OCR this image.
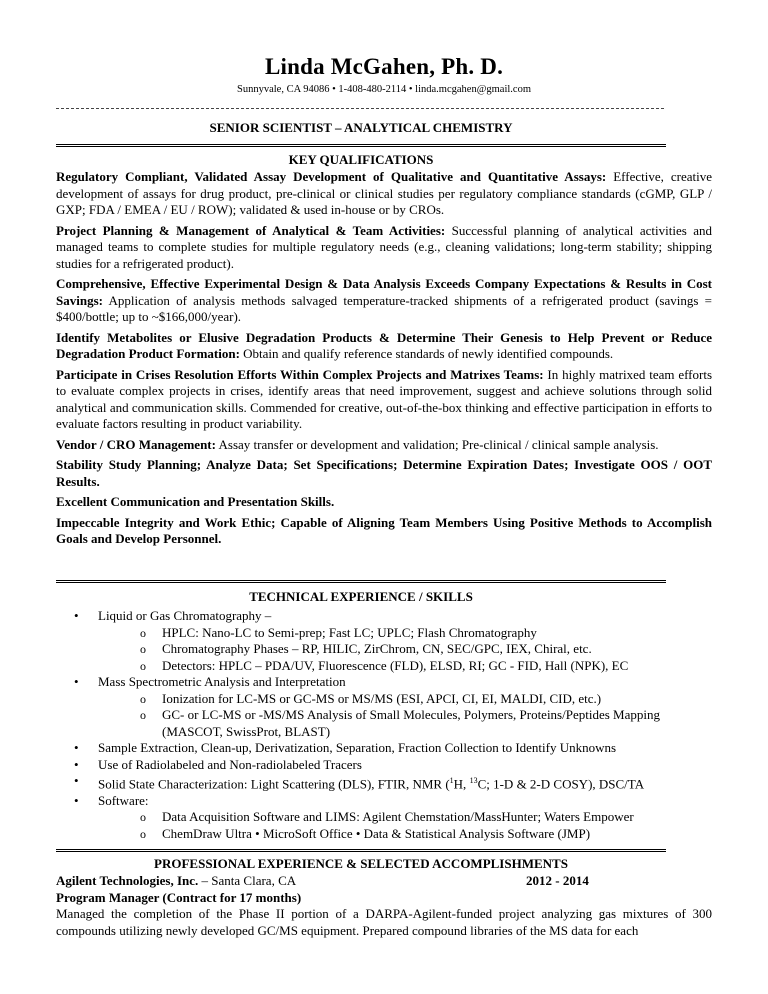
Linda McGahen, Ph. D.
Sunnyvale, CA 94086 • 1-408-480-2114 • linda.mcgahen@gmail.com
SENIOR SCIENTIST – ANALYTICAL CHEMISTRY
KEY QUALIFICATIONS

Regulatory Compliant, Validated Assay Development of Qualitative and Quantitative Assays: Effective, creative development of assays for drug product, pre-clinical or clinical studies per regulatory compliance standards (cGMP, GLP / GXP; FDA / EMEA / EU / ROW); validated & used in-house or by CROs.

Project Planning & Management of Analytical & Team Activities: Successful planning of analytical activities and managed teams to complete studies for multiple regulatory needs (e.g., cleaning validations; long-term stability; shipping studies for a refrigerated product).

Comprehensive, Effective Experimental Design & Data Analysis Exceeds Company Expectations & Results in Cost Savings: Application of analysis methods salvaged temperature-tracked shipments of a refrigerated product (savings = $400/bottle; up to ~$166,000/year).

Identify Metabolites or Elusive Degradation Products & Determine Their Genesis to Help Prevent or Reduce Degradation Product Formation: Obtain and qualify reference standards of newly identified compounds.

Participate in Crises Resolution Efforts Within Complex Projects and Matrixes Teams: In highly matrixed team efforts to evaluate complex projects in crises, identify areas that need improvement, suggest and achieve solutions through solid analytical and communication skills. Commended for creative, out-of-the-box thinking and effective participation in efforts to evaluate factors resulting in product variability.

Vendor / CRO Management: Assay transfer or development and validation; Pre-clinical / clinical sample analysis.

Stability Study Planning; Analyze Data; Set Specifications; Determine Expiration Dates; Investigate OOS / OOT Results.

Excellent Communication and Presentation Skills.

Impeccable Integrity and Work Ethic; Capable of Aligning Team Members Using Positive Methods to Accomplish Goals and Develop Personnel.

TECHNICAL EXPERIENCE / SKILLS
• Liquid or Gas Chromatography –
o HPLC: Nano-LC to Semi-prep; Fast LC; UPLC; Flash Chromatography
o Chromatography Phases – RP, HILIC, ZirChrom, CN, SEC/GPC, IEX, Chiral, etc.
o Detectors: HPLC – PDA/UV, Fluorescence (FLD), ELSD, RI; GC - FID, Hall (NPK), EC
• Mass Spectrometric Analysis and Interpretation
o Ionization for LC-MS or GC-MS or MS/MS (ESI, APCI, CI, EI, MALDI, CID, etc.)
o GC- or LC-MS or -MS/MS Analysis of Small Molecules, Polymers, Proteins/Peptides Mapping (MASCOT, SwissProt, BLAST)
• Sample Extraction, Clean-up, Derivatization, Separation, Fraction Collection to Identify Unknowns
• Use of Radiolabeled and Non-radiolabeled Tracers
• Solid State Characterization: Light Scattering (DLS), FTIR, NMR ($^1$H, $^{13}$C; 1-D & 2-D COSY), DSC/TA
• Software:
o Data Acquisition Software and LIMS: Agilent Chemstation/MassHunter; Waters Empower
o ChemDraw Ultra • MicroSoft Office • Data & Statistical Analysis Software (JMP)
PROFESSIONAL EXPERIENCE & SELECTED ACCOMPLISHMENTS
Agilent Technologies, Inc. – Santa Clara, CA	2012 - 2014
Program Manager (Contract for 17 months)
Managed the completion of the Phase II portion of a DARPA-Agilent-funded project analyzing gas mixtures of 300 compounds utilizing newly developed GC/MS equipment. Prepared compound libraries of the MS data for each
